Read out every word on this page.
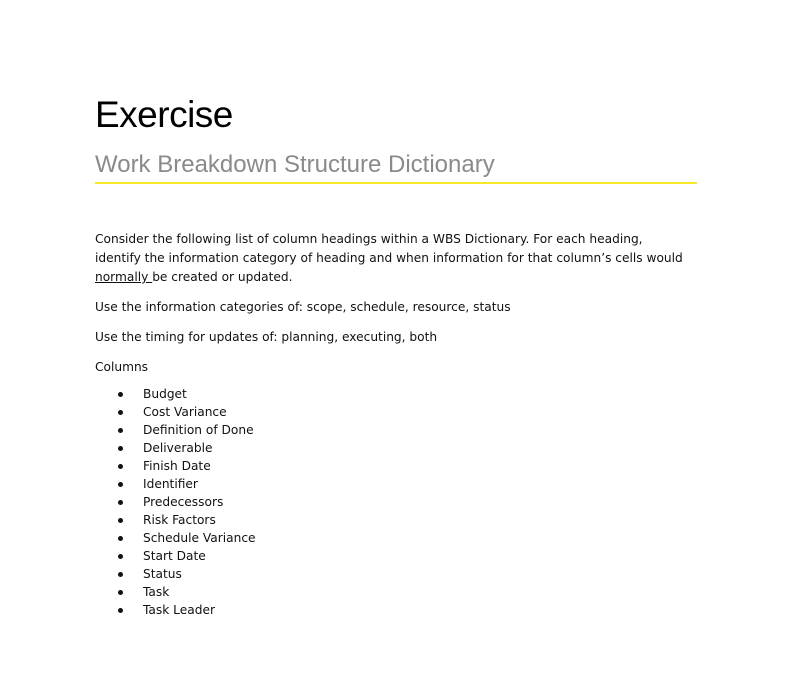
Exercise
Work Breakdown Structure Dictionary

Consider the following list of column headings within a WBS Dictionary. For each heading, identify the information category of heading and when information for that column’s cells would normally be created or updated.

Use the information categories of: scope, schedule, resource, status

Use the timing for updates of: planning, executing, both

Columns

Budget
Cost Variance
Definition of Done
Deliverable
Finish Date
Identifier
Predecessors
Risk Factors
Schedule Variance
Start Date
Status
Task
Task Leader
